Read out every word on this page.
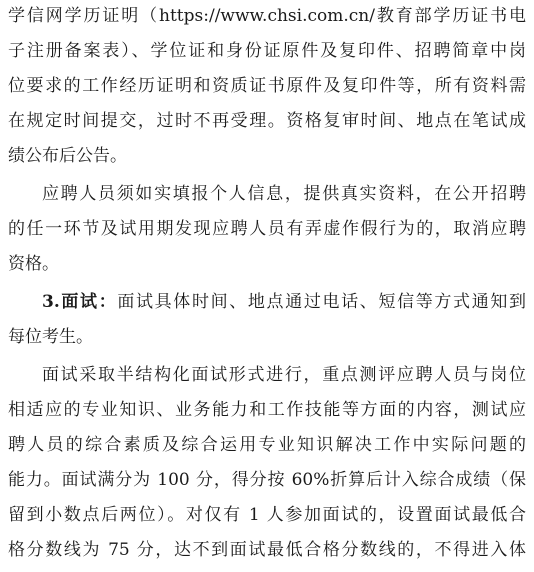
学信网学历证明（https://www.chsi.com.cn/教育部学历证书电
子注册备案表）、学位证和身份证原件及复印件、招聘简章中岗
位要求的工作经历证明和资质证书原件及复印件等，所有资料需
在规定时间提交，过时不再受理。资格复审时间、地点在笔试成
绩公布后公告。
应聘人员须如实填报个人信息，提供真实资料，在公开招聘
的任一环节及试用期发现应聘人员有弄虚作假行为的，取消应聘
资格。
3.面试：面试具体时间、地点通过电话、短信等方式通知到
每位考生。
面试采取半结构化面试形式进行，重点测评应聘人员与岗位
相适应的专业知识、业务能力和工作技能等方面的内容，测试应
聘人员的综合素质及综合运用专业知识解决工作中实际问题的
能力。面试满分为 100 分，得分按 60%折算后计入综合成绩（保
留到小数点后两位）。对仅有 1 人参加面试的，设置面试最低合
格分数线为 75 分，达不到面试最低合格分数线的，不得进入体
